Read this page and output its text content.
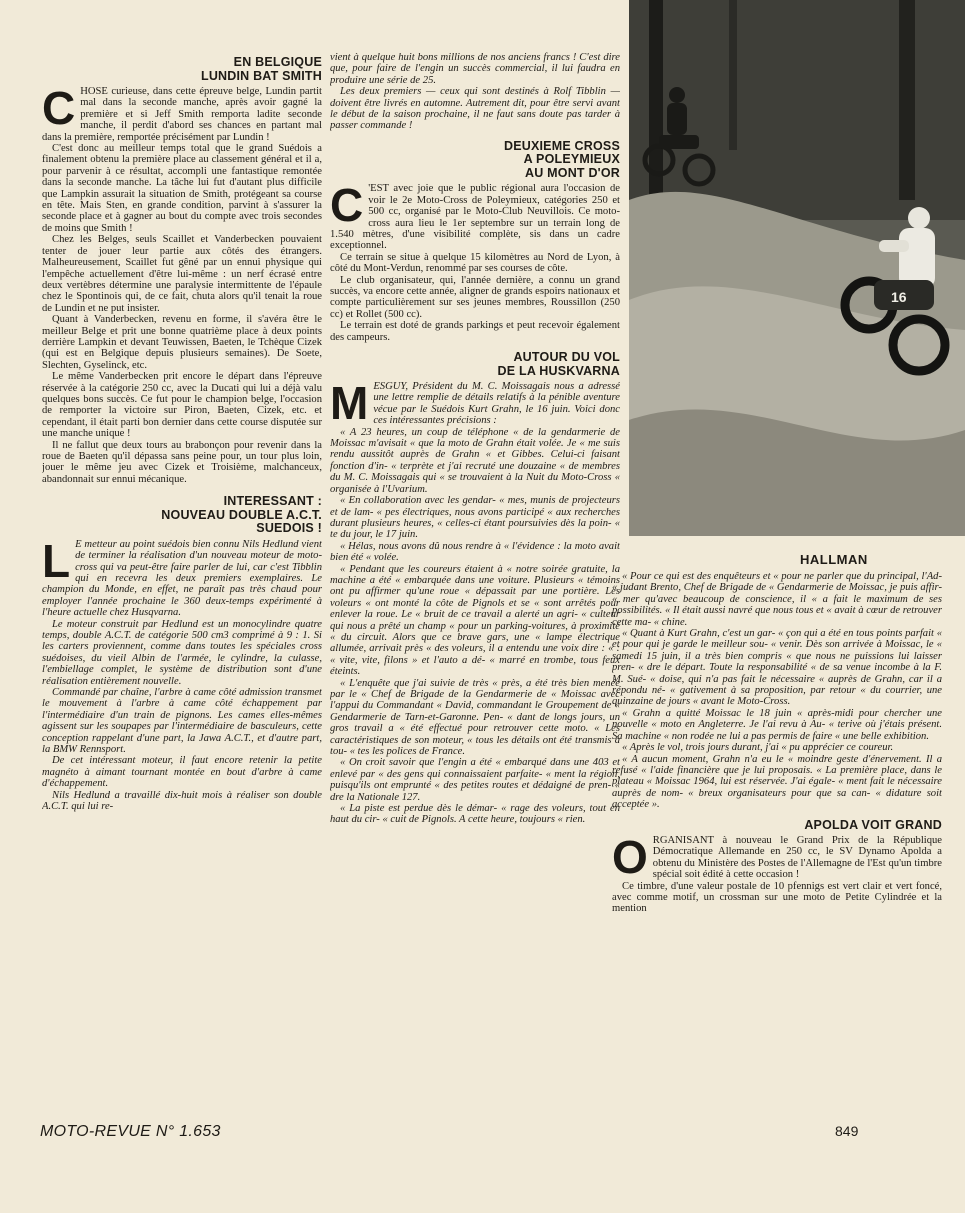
EN BELGIQUE
LUNDIN BAT SMITH
C HOSE curieuse, dans cette épreuve belge, Lundin partit mal dans la seconde manche, après avoir gagné la première et si Jeff Smith remporta ladite seconde manche, il perdit d'abord ses chances en partant mal dans la première, remportée précisément par Lundin !

C'est donc au meilleur temps total que le grand Suédois a finalement obtenu la première place au classement général et il a, pour parvenir à ce résultat, accompli une fantastique remontée dans la seconde manche. La tâche lui fut d'autant plus difficile que Lampkin assurait la situation de Smith, protégeant sa course en tête. Mais Sten, en grande condition, parvint à s'assurer la seconde place et à gagner au bout du compte avec trois secondes de moins que Smith !

Chez les Belges, seuls Scaillet et Vanderbecken pouvaient tenter de jouer leur partie aux côtés des étrangers. Malheureusement, Scaillet fut gêné par un ennui physique qui l'empêche actuellement d'être lui-même : un nerf écrasé entre deux vertèbres détermine une paralysie intermittente de l'épaule chez le Spontinois qui, de ce fait, chuta alors qu'il tenait la roue de Lundin et ne put insister.

Quant à Vanderbecken, revenu en forme, il s'avéra être le meilleur Belge et prit une bonne quatrième place à deux points derrière Lampkin et devant Teuwissen, Baeten, le Tchèque Cizek (qui est en Belgique depuis plusieurs semaines). De Soete, Slechten, Gyselinck, etc.

Le même Vanderbecken prit encore le départ dans l'épreuve réservée à la catégorie 250 cc, avec la Ducati qui lui a déjà valu quelques bons succès. Ce fut pour le champion belge, l'occasion de remporter la victoire sur Piron, Baeten, Cizek, etc. et cependant, il était parti bon dernier dans cette course disputée sur une manche unique !

Il ne fallut que deux tours au brabonçon pour revenir dans la roue de Baeten qu'il dépassa sans peine pour, un tour plus loin, jouer le même jeu avec Cizek et Troisième, malchanceux, abandonnait sur ennui mécanique.

INTERESSANT :
NOUVEAU DOUBLE A.C.T.
SUEDOIS !
L E metteur au point suédois bien connu Nils Hedlund vient de terminer la réalisation d'un nouveau moteur de moto-cross qui va peut-être faire parler de lui, car c'est Tibblin qui en recevra les deux premiers exemplaires. Le champion du Monde, en effet, ne paraît pas très chaud pour employer l'année prochaine le 360 deux-temps expérimenté à l'heure actuelle chez Husqvarna.

Le moteur construit par Hedlund est un monocylindre quatre temps, double A.C.T. de catégorie 500 cm3 comprimé à 9 : 1. Si les carters proviennent, comme dans toutes les spéciales cross suédoises, du vieil Albin de l'armée, le cylindre, la culasse, l'embiellage complet, le système de distribution sont d'une réalisation entièrement nouvelle.

Commandé par chaîne, l'arbre à came côté admission transmet le mouvement à l'arbre à came côté échappement par l'intermédiaire d'un train de pignons. Les cames elles-mêmes agissent sur les soupapes par l'intermédiaire de basculeurs, cette conception rappelant d'une part, la Jawa A.C.T., et d'autre part, la BMW Rennsport.

De cet intéressant moteur, il faut encore retenir la petite magnéto à aimant tournant montée en bout d'arbre à came d'échappement.

Nils Hedlund a travaillé dix-huit mois à réaliser son double A.C.T. qui lui re-

vient à quelque huit bons millions de nos anciens francs ! C'est dire que, pour faire de l'engin un succès commercial, il lui faudra en produire une série de 25.

Les deux premiers — ceux qui sont destinés à Rolf Tibblin — doivent être livrés en automne. Autrement dit, pour être servi avant le début de la saison prochaine, il ne faut sans doute pas tarder à passer commande !

DEUXIEME CROSS
A POLEYMIEUX
AU MONT D'OR
C 'EST avec joie que le public régional aura l'occasion de voir le 2e Moto-Cross de Poleymieux, catégories 250 et 500 cc, organisé par le Moto-Club Neuvillois. Ce moto-cross aura lieu le 1er septembre sur un terrain long de 1.540 mètres, d'une visibilité complète, sis dans un cadre exceptionnel.

Ce terrain se situe à quelque 15 kilomètres au Nord de Lyon, à côté du Mont-Verdun, renommé par ses courses de côte.

Le club organisateur, qui, l'année dernière, a connu un grand succès, va encore cette année, aligner de grands espoirs nationaux et compte particulièrement sur ses jeunes membres, Roussillon (250 cc) et Rollet (500 cc).

Le terrain est doté de grands parkings et peut recevoir également des campeurs.

AUTOUR DU VOL
DE LA HUSKVARNA
M ESGUY, Président du M. C. Moissagais nous a adressé une lettre remplie de détails relatifs à la pénible aventure vécue par le Suédois Kurt Grahn, le 16 juin. Voici donc ces intéressantes précisions :

« A 23 heures, un coup de téléphone « de la gendarmerie de Moissac m'avisait « que la moto de Grahn était volée. Je « me suis rendu aussitôt auprès de Grahn « et Gibbes. Celui-ci faisant fonction d'in- « terprète et j'ai recruté une douzaine « de membres du M. C. Moissagais qui « se trouvaient à la Nuit du Moto-Cross « organisée à l'Uvarium.

« En collaboration avec les gendar- « mes, munis de projecteurs et de lam- « pes électriques, nous avons participé « aux recherches durant plusieurs heures, « celles-ci étant poursuivies dès la poin- « te du jour, le 17 juin.

« Hélas, nous avons dû nous rendre à « l'évidence : la moto avait bien été « volée.

« Pendant que les coureurs étaient à « notre soirée gratuite, la machine a été « embarquée dans une voiture. Plusieurs « témoins ont pu affirmer qu'une roue « dépassait par une portière. Les voleurs « ont monté la côte de Pignols et se « sont arrêtés pour enlever la roue. Le « bruit de ce travail a alerté un agri- « culteur qui nous a prêté un champ « pour un parking-voitures, à proximité « du circuit. Alors que ce brave gars, une « lampe électrique allumée, arrivait près « des voleurs, il a entendu une voix dire : « : « vite, vite, filons » et l'auto a dé- « marré en trombe, tous feux éteints.

« L'enquête que j'ai suivie de très « près, a été très bien menée par le « Chef de Brigade de la Gendarmerie de « Moissac avec l'appui du Commandant « David, commandant le Groupement de « Gendarmerie de Tarn-et-Garonne. Pen- « dant de longs jours, un gros travail a « été effectué pour retrouver cette moto. « Les caractéristiques de son moteur, « tous les détails ont été transmis à tou- « tes les polices de France.

« On croit savoir que l'engin a été « embarqué dans une 403 et enlevé par « des gens qui connaissaient parfaite- « ment la région, puisqu'ils ont emprunté « des petites routes et dédaigné de pren- « dre la Nationale 127.

« La piste est perdue dès le démar- « rage des voleurs, tout en haut du cir- « cuit de Pignols. A cette heure, toujours « rien.

16
HALLMAN

« Pour ce qui est des enquêteurs et « pour ne parler que du principal, l'Ad- « judant Brento, Chef de Brigade de « Gendarmerie de Moissac, je puis affir- « mer qu'avec beaucoup de conscience, il « a fait le maximum de ses possibilités. « Il était aussi navré que nous tous et « avait à cœur de retrouver cette ma- « chine.

« Quant à Kurt Grahn, c'est un gar- « çon qui a été en tous points parfait « et pour qui je garde le meilleur sou- « venir. Dès son arrivée à Moissac, le « samedi 15 juin, il a très bien compris « que nous ne puissions lui laisser pren- « dre le départ. Toute la responsabilité « de sa venue incombe à la F. M. Sué- « doise, qui n'a pas fait le nécessaire « auprès de Grahn, car il a répondu né- « gativement à sa proposition, par retour « du courrier, une quinzaine de jours « avant le Moto-Cross.

« Grahn a quitté Moissac le 18 juin « après-midi pour chercher une nouvelle « moto en Angleterre. Je l'ai revu à Au- « terive où j'étais présent. Sa machine « non rodée ne lui a pas permis de faire « une belle exhibition.

« Après le vol, trois jours durant, j'ai « pu apprécier ce coureur.

« A aucun moment, Grahn n'a eu le « moindre geste d'énervement. Il a refusé « l'aide financière que je lui proposais. « La première place, dans le plateau « Moissac 1964, lui est réservée. J'ai égale- « ment fait le nécessaire auprès de nom- « breux organisateurs pour que sa can- « didature soit acceptée ».

APOLDA VOIT GRAND
O RGANISANT à nouveau le Grand Prix de la République Démocratique Allemande en 250 cc, le SV Dynamo Apolda a obtenu du Ministère des Postes de l'Allemagne de l'Est qu'un timbre spécial soit édité à cette occasion !

Ce timbre, d'une valeur postale de 10 pfennigs est vert clair et vert foncé, avec comme motif, un crossman sur une moto de Petite Cylindrée et la mention

MOTO-REVUE N° 1.653	849
